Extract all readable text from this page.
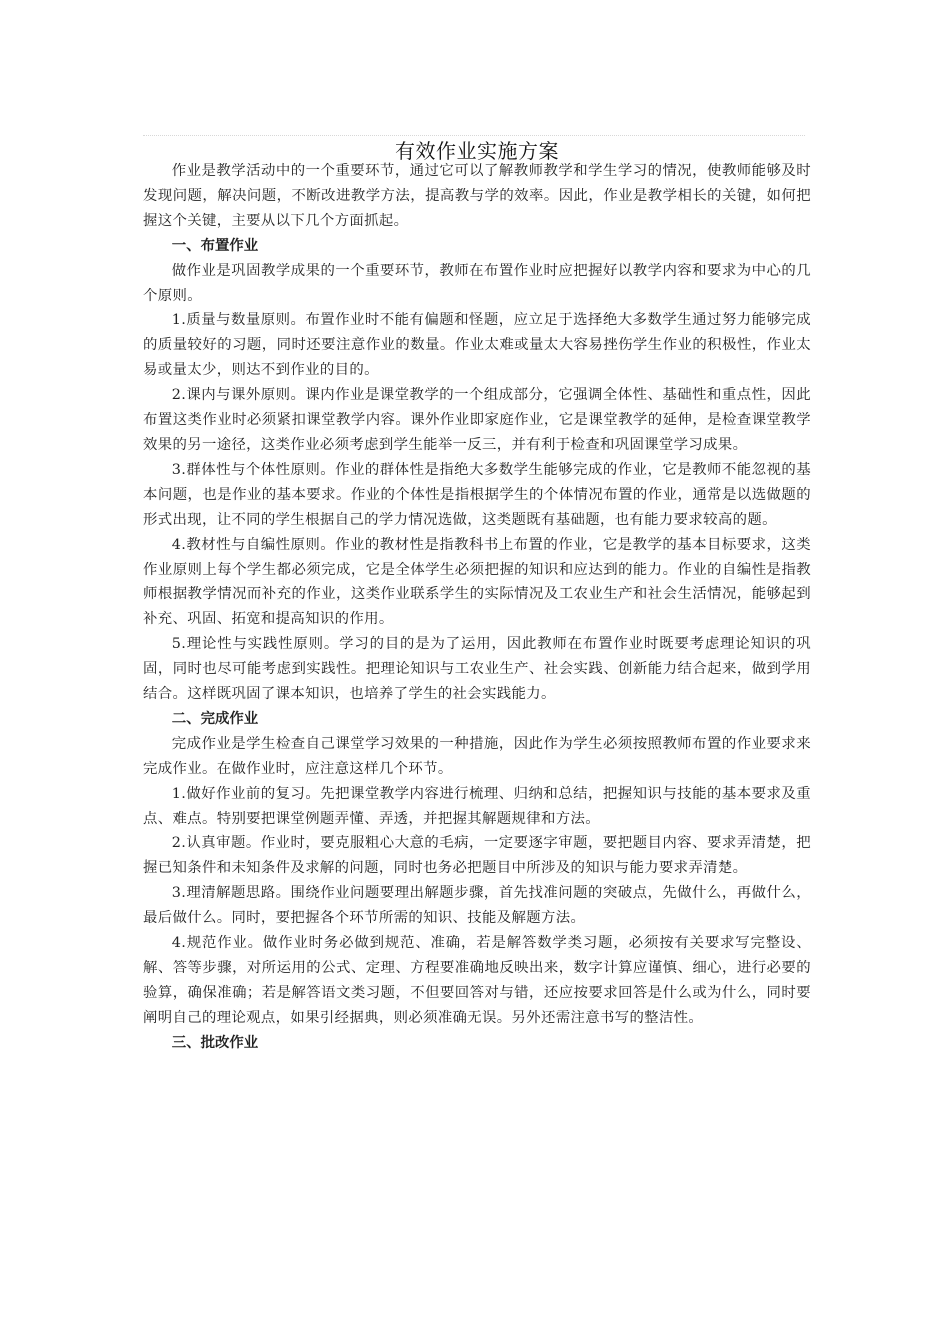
有效作业实施方案

作业是教学活动中的一个重要环节，通过它可以了解教师教学和学生学习的情况，使教师能够及时发现问题，解决问题，不断改进教学方法，提高教与学的效率。因此，作业是教学相长的关键，如何把握这个关键，主要从以下几个方面抓起。

一、布置作业

做作业是巩固教学成果的一个重要环节，教师在布置作业时应把握好以教学内容和要求为中心的几个原则。

1.质量与数量原则。布置作业时不能有偏题和怪题，应立足于选择绝大多数学生通过努力能够完成的质量较好的习题，同时还要注意作业的数量。作业太难或量太大容易挫伤学生作业的积极性，作业太易或量太少，则达不到作业的目的。

2.课内与课外原则。课内作业是课堂教学的一个组成部分，它强调全体性、基础性和重点性，因此布置这类作业时必须紧扣课堂教学内容。课外作业即家庭作业，它是课堂教学的延伸，是检查课堂教学效果的另一途径，这类作业必须考虑到学生能举一反三，并有利于检查和巩固课堂学习成果。

3.群体性与个体性原则。作业的群体性是指绝大多数学生能够完成的作业，它是教师不能忽视的基本问题，也是作业的基本要求。作业的个体性是指根据学生的个体情况布置的作业，通常是以选做题的形式出现，让不同的学生根据自己的学力情况选做，这类题既有基础题，也有能力要求较高的题。

4.教材性与自编性原则。作业的教材性是指教科书上布置的作业，它是教学的基本目标要求，这类作业原则上每个学生都必须完成，它是全体学生必须把握的知识和应达到的能力。作业的自编性是指教师根据教学情况而补充的作业，这类作业联系学生的实际情况及工农业生产和社会生活情况，能够起到补充、巩固、拓宽和提高知识的作用。

5.理论性与实践性原则。学习的目的是为了运用，因此教师在布置作业时既要考虑理论知识的巩固，同时也尽可能考虑到实践性。把理论知识与工农业生产、社会实践、创新能力结合起来，做到学用结合。这样既巩固了课本知识，也培养了学生的社会实践能力。

二、完成作业

完成作业是学生检查自己课堂学习效果的一种措施，因此作为学生必须按照教师布置的作业要求来完成作业。在做作业时，应注意这样几个环节。

1.做好作业前的复习。先把课堂教学内容进行梳理、归纳和总结，把握知识与技能的基本要求及重点、难点。特别要把课堂例题弄懂、弄透，并把握其解题规律和方法。

2.认真审题。作业时，要克服粗心大意的毛病，一定要逐字审题，要把题目内容、要求弄清楚，把握已知条件和未知条件及求解的问题，同时也务必把题目中所涉及的知识与能力要求弄清楚。

3.理清解题思路。围绕作业问题要理出解题步骤，首先找准问题的突破点，先做什么，再做什么，最后做什么。同时，要把握各个环节所需的知识、技能及解题方法。

4.规范作业。做作业时务必做到规范、准确，若是解答数学类习题，必须按有关要求写完整设、解、答等步骤，对所运用的公式、定理、方程要准确地反映出来，数字计算应谨慎、细心，进行必要的验算，确保准确；若是解答语文类习题，不但要回答对与错，还应按要求回答是什么或为什么，同时要阐明自己的理论观点，如果引经据典，则必须准确无误。另外还需注意书写的整洁性。

三、批改作业
